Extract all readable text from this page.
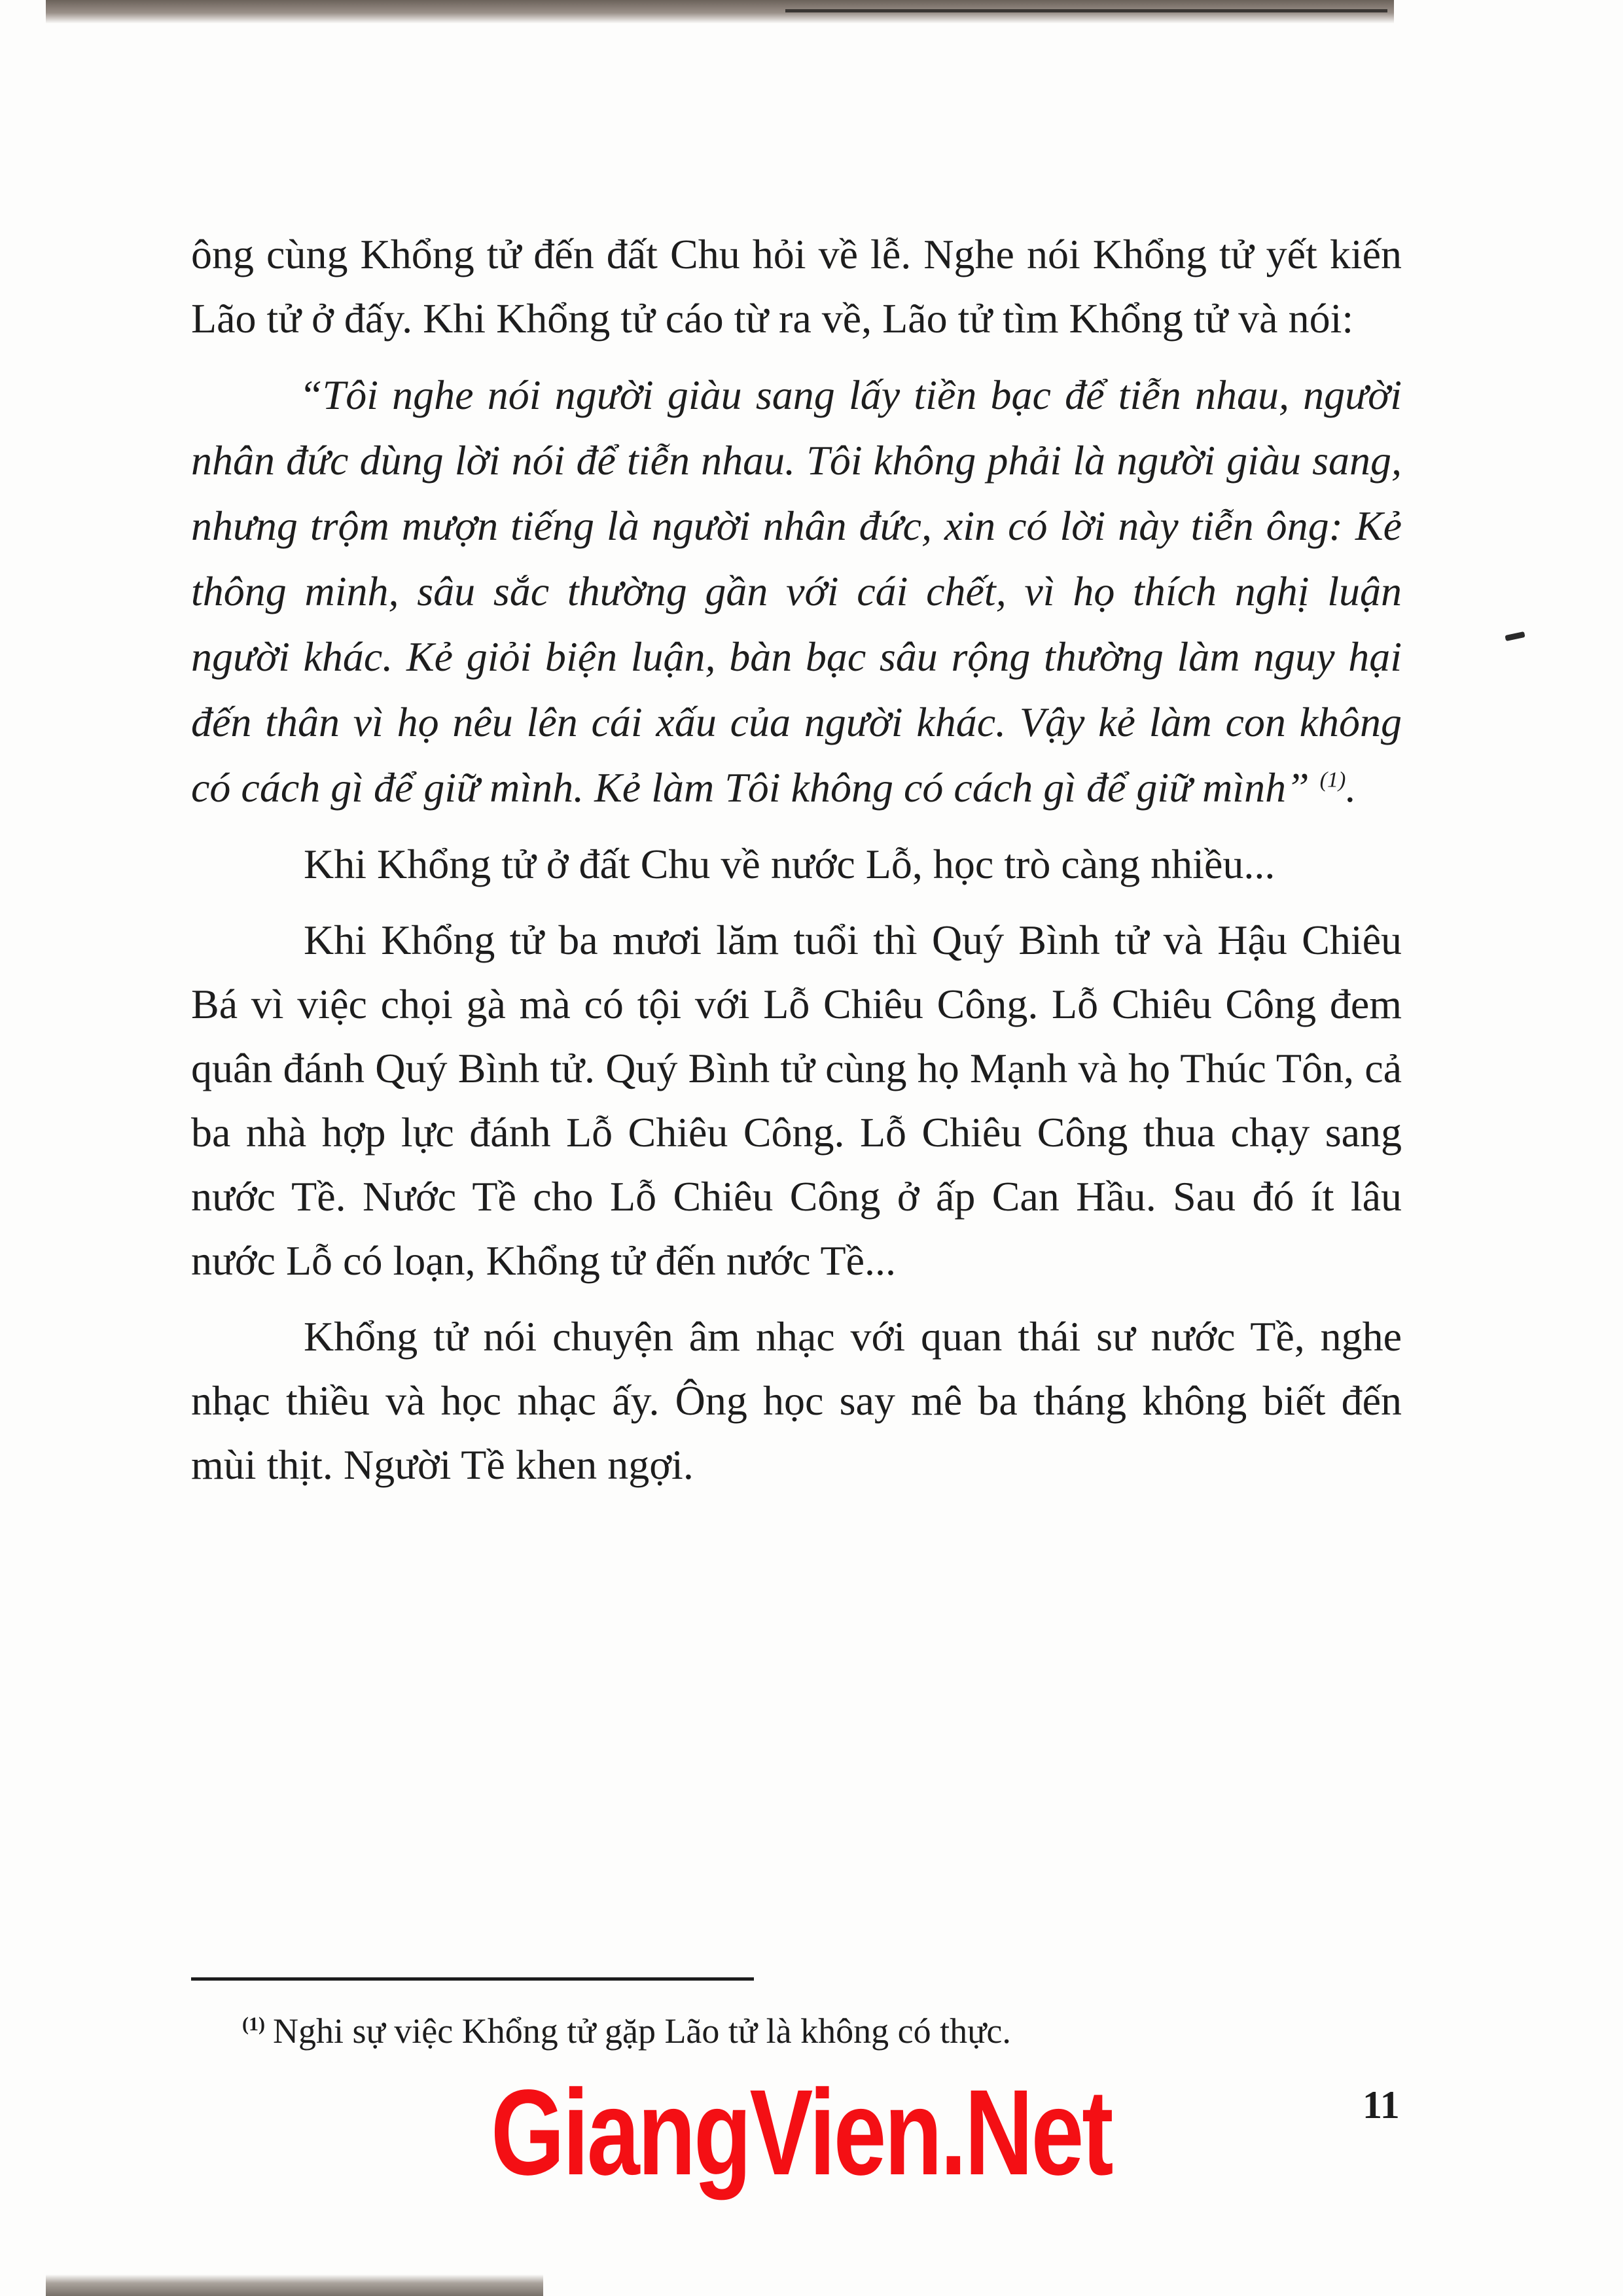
ông cùng Khổng tử đến đất Chu hỏi về lễ. Nghe nói Khổng tử yết kiến Lão tử ở đấy. Khi Khổng tử cáo từ ra về, Lão tử tìm Khổng tử và nói:

“Tôi nghe nói người giàu sang lấy tiền bạc để tiễn nhau, người nhân đức dùng lời nói để tiễn nhau. Tôi không phải là người giàu sang, nhưng trộm mượn tiếng là người nhân đức, xin có lời này tiễn ông: Kẻ thông minh, sâu sắc thường gần với cái chết, vì họ thích nghị luận người khác. Kẻ giỏi biện luận, bàn bạc sâu rộng thường làm nguy hại đến thân vì họ nêu lên cái xấu của người khác. Vậy kẻ làm con không có cách gì để giữ mình. Kẻ làm Tôi không có cách gì để giữ mình” $^{(1)}$.

Khi Khổng tử ở đất Chu về nước Lỗ, học trò càng nhiều...

Khi Khổng tử ba mươi lăm tuổi thì Quý Bình tử và Hậu Chiêu Bá vì việc chọi gà mà có tội với Lỗ Chiêu Công. Lỗ Chiêu Công đem quân đánh Quý Bình tử. Quý Bình tử cùng họ Mạnh và họ Thúc Tôn, cả ba nhà hợp lực đánh Lỗ Chiêu Công. Lỗ Chiêu Công thua chạy sang nước Tề. Nước Tề cho Lỗ Chiêu Công ở ấp Can Hầu. Sau đó ít lâu nước Lỗ có loạn, Khổng tử đến nước Tề...

Khổng tử nói chuyện âm nhạc với quan thái sư nước Tề, nghe nhạc thiều và học nhạc ấy. Ông học say mê ba tháng không biết đến mùi thịt. Người Tề khen ngợi.

$^{(1)}$ Nghi sự việc Khổng tử gặp Lão tử là không có thực.
11
GiangVien.Net
